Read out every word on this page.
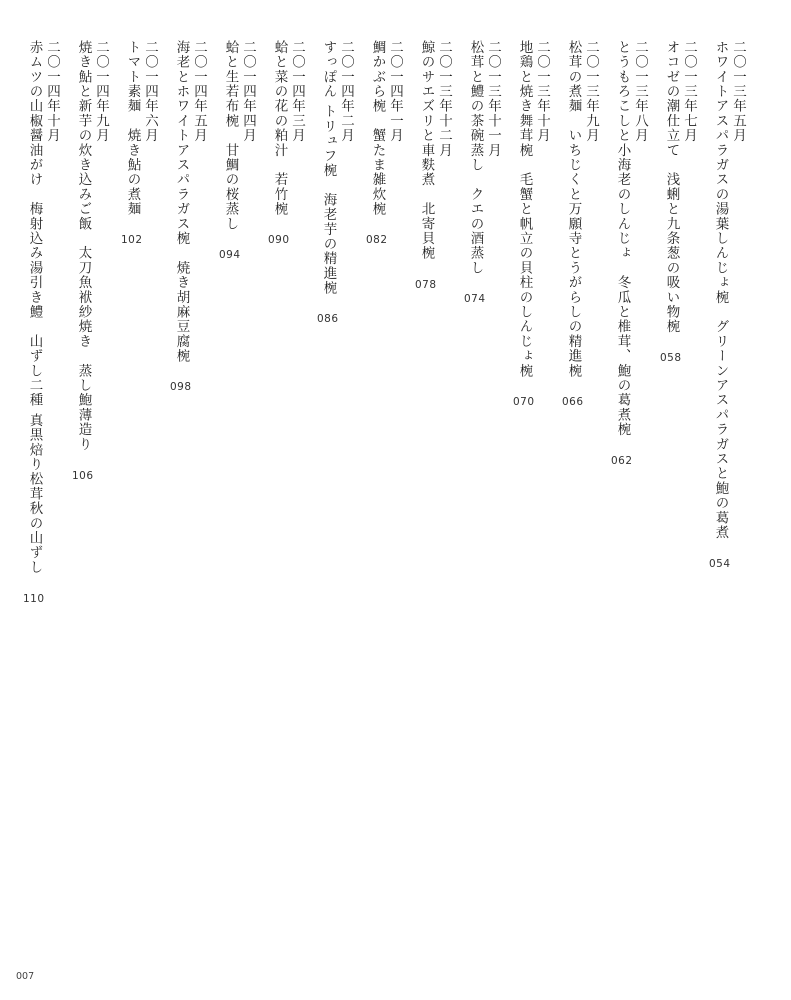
二〇一三年五月
ホワイトアスパラガスの湯葉しんじょ椀　グリーンアスパラガスと鮑の葛煮
054
二〇一三年七月
オコゼの潮仕立て　浅蜊と九条葱の吸い物椀
058
二〇一三年八月
とうもろこしと小海老のしんじょ　冬瓜と椎茸、鮑の葛煮椀
062
二〇一三年九月
松茸の煮麺　いちじくと万願寺とうがらしの精進椀
066
二〇一三年十月
地鶏と焼き舞茸椀　毛蟹と帆立の貝柱のしんじょ椀
070
二〇一三年十一月
松茸と鱧の茶碗蒸し　クエの酒蒸し
074
二〇一三年十二月
鯨のサエズリと車麩煮　北寄貝椀
078
二〇一四年一月
鯛かぶら椀　蟹たま雑炊椀
082
二〇一四年二月
すっぽん トリュフ椀　海老芋の精進椀
086
二〇一四年三月
蛤と菜の花の粕汁　若竹椀
090
二〇一四年四月
蛤と生若布椀　甘鯛の桜蒸し
094
二〇一四年五月
海老とホワイトアスパラガス椀　焼き胡麻豆腐椀
098
二〇一四年六月
トマト素麺　焼き鮎の煮麺
102
二〇一四年九月
焼き鮎と新芋の炊き込みご飯　太刀魚袱紗焼き　蒸し鮑薄造り
106
二〇一四年十月
赤ムツの山椒醤油がけ　梅射込み湯引き鱧　山ずし二種 真黒焙り松茸秋の山ずし
110
007
